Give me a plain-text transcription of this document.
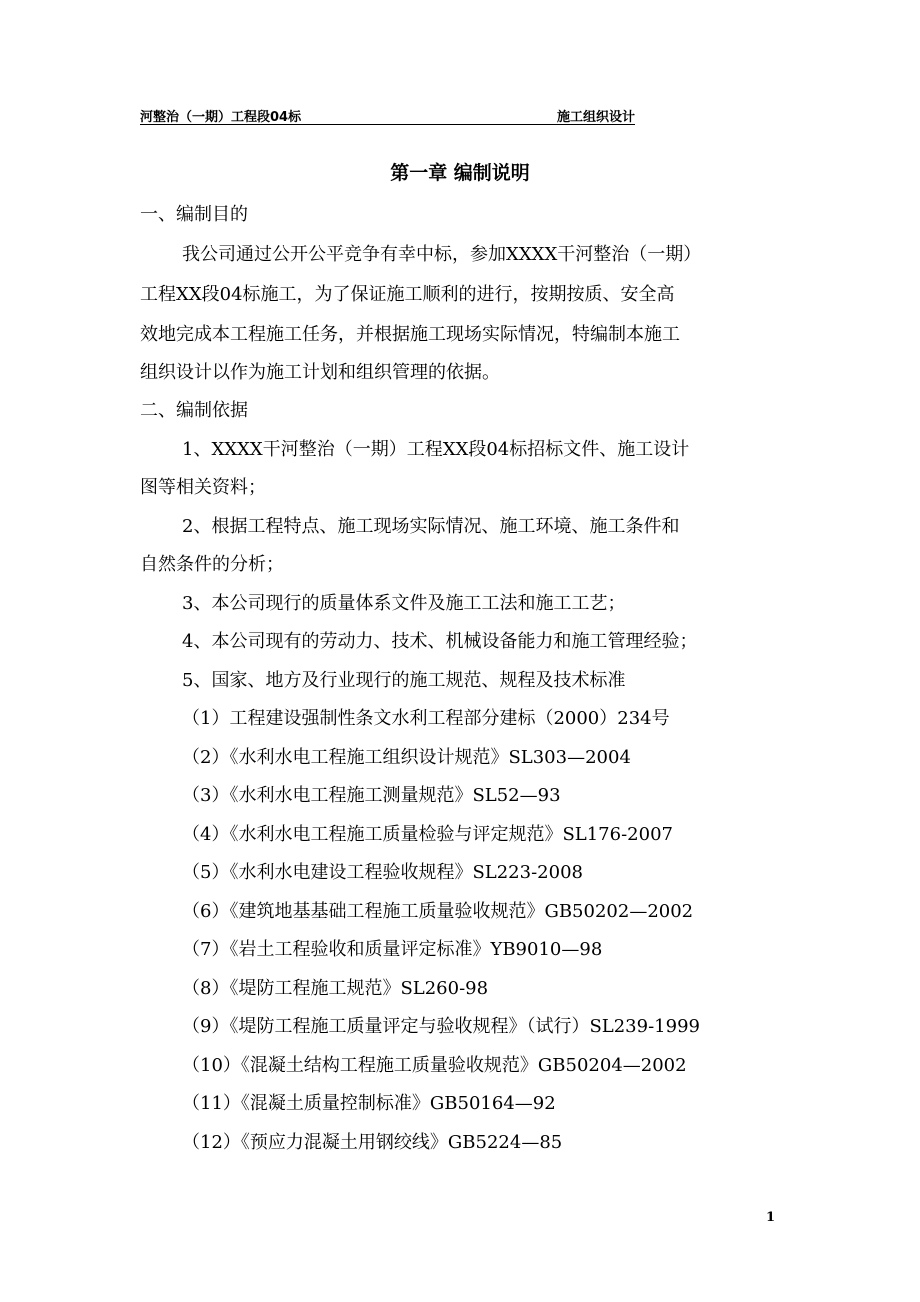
河整治（一期）工程段04标	施工组织设计
第一章 编制说明
一、编制目的
我公司通过公开公平竞争有幸中标，参加XXXX干河整治（一期）
工程XX段04标施工，为了保证施工顺利的进行，按期按质、安全高
效地完成本工程施工任务，并根据施工现场实际情况，特编制本施工
组织设计以作为施工计划和组织管理的依据。
二、编制依据
1、XXXX干河整治（一期）工程XX段04标招标文件、施工设计
图等相关资料；
2、根据工程特点、施工现场实际情况、施工环境、施工条件和
自然条件的分析；
3、本公司现行的质量体系文件及施工工法和施工工艺；
4、本公司现有的劳动力、技术、机械设备能力和施工管理经验；
5、国家、地方及行业现行的施工规范、规程及技术标准
（1）工程建设强制性条文水利工程部分建标（2000）234号
（2）《水利水电工程施工组织设计规范》SL303—2004
（3）《水利水电工程施工测量规范》SL52—93
（4）《水利水电工程施工质量检验与评定规范》SL176-2007
（5）《水利水电建设工程验收规程》SL223-2008
（6）《建筑地基基础工程施工质量验收规范》GB50202—2002
（7）《岩土工程验收和质量评定标准》YB9010—98
（8）《堤防工程施工规范》SL260-98
（9）《堤防工程施工质量评定与验收规程》（试行）SL239-1999
（10）《混凝土结构工程施工质量验收规范》GB50204—2002
（11）《混凝土质量控制标准》GB50164—92
（12）《预应力混凝土用钢绞线》GB5224—85
1
